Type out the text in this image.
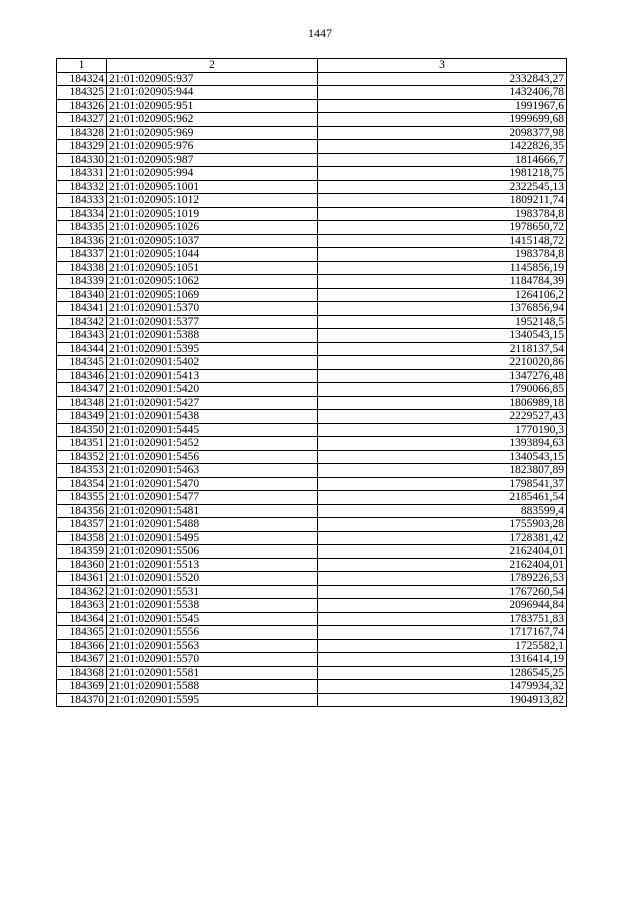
1447
1	2	3
184324	21:01:020905:937	2332843,27
184325	21:01:020905:944	1432406,78
184326	21:01:020905:951	1991967,6
184327	21:01:020905:962	1999699,68
184328	21:01:020905:969	2098377,98
184329	21:01:020905:976	1422826,35
184330	21:01:020905:987	1814666,7
184331	21:01:020905:994	1981218,75
184332	21:01:020905:1001	2322545,13
184333	21:01:020905:1012	1809211,74
184334	21:01:020905:1019	1983784,8
184335	21:01:020905:1026	1978650,72
184336	21:01:020905:1037	1415148,72
184337	21:01:020905:1044	1983784,8
184338	21:01:020905:1051	1145856,19
184339	21:01:020905:1062	1184784,39
184340	21:01:020905:1069	1264106,2
184341	21:01:020901:5370	1376856,94
184342	21:01:020901:5377	1952148,5
184343	21:01:020901:5388	1340543,15
184344	21:01:020901:5395	2118137,54
184345	21:01:020901:5402	2210020,86
184346	21:01:020901:5413	1347276,48
184347	21:01:020901:5420	1790066,85
184348	21:01:020901:5427	1806989,18
184349	21:01:020901:5438	2229527,43
184350	21:01:020901:5445	1770190,3
184351	21:01:020901:5452	1393894,63
184352	21:01:020901:5456	1340543,15
184353	21:01:020901:5463	1823807,89
184354	21:01:020901:5470	1798541,37
184355	21:01:020901:5477	2185461,54
184356	21:01:020901:5481	883599,4
184357	21:01:020901:5488	1755903,28
184358	21:01:020901:5495	1728381,42
184359	21:01:020901:5506	2162404,01
184360	21:01:020901:5513	2162404,01
184361	21:01:020901:5520	1789226,53
184362	21:01:020901:5531	1767260,54
184363	21:01:020901:5538	2096944,84
184364	21:01:020901:5545	1783751,83
184365	21:01:020901:5556	1717167,74
184366	21:01:020901:5563	1725582,1
184367	21:01:020901:5570	1316414,19
184368	21:01:020901:5581	1286545,25
184369	21:01:020901:5588	1479934,32
184370	21:01:020901:5595	1904913,82
